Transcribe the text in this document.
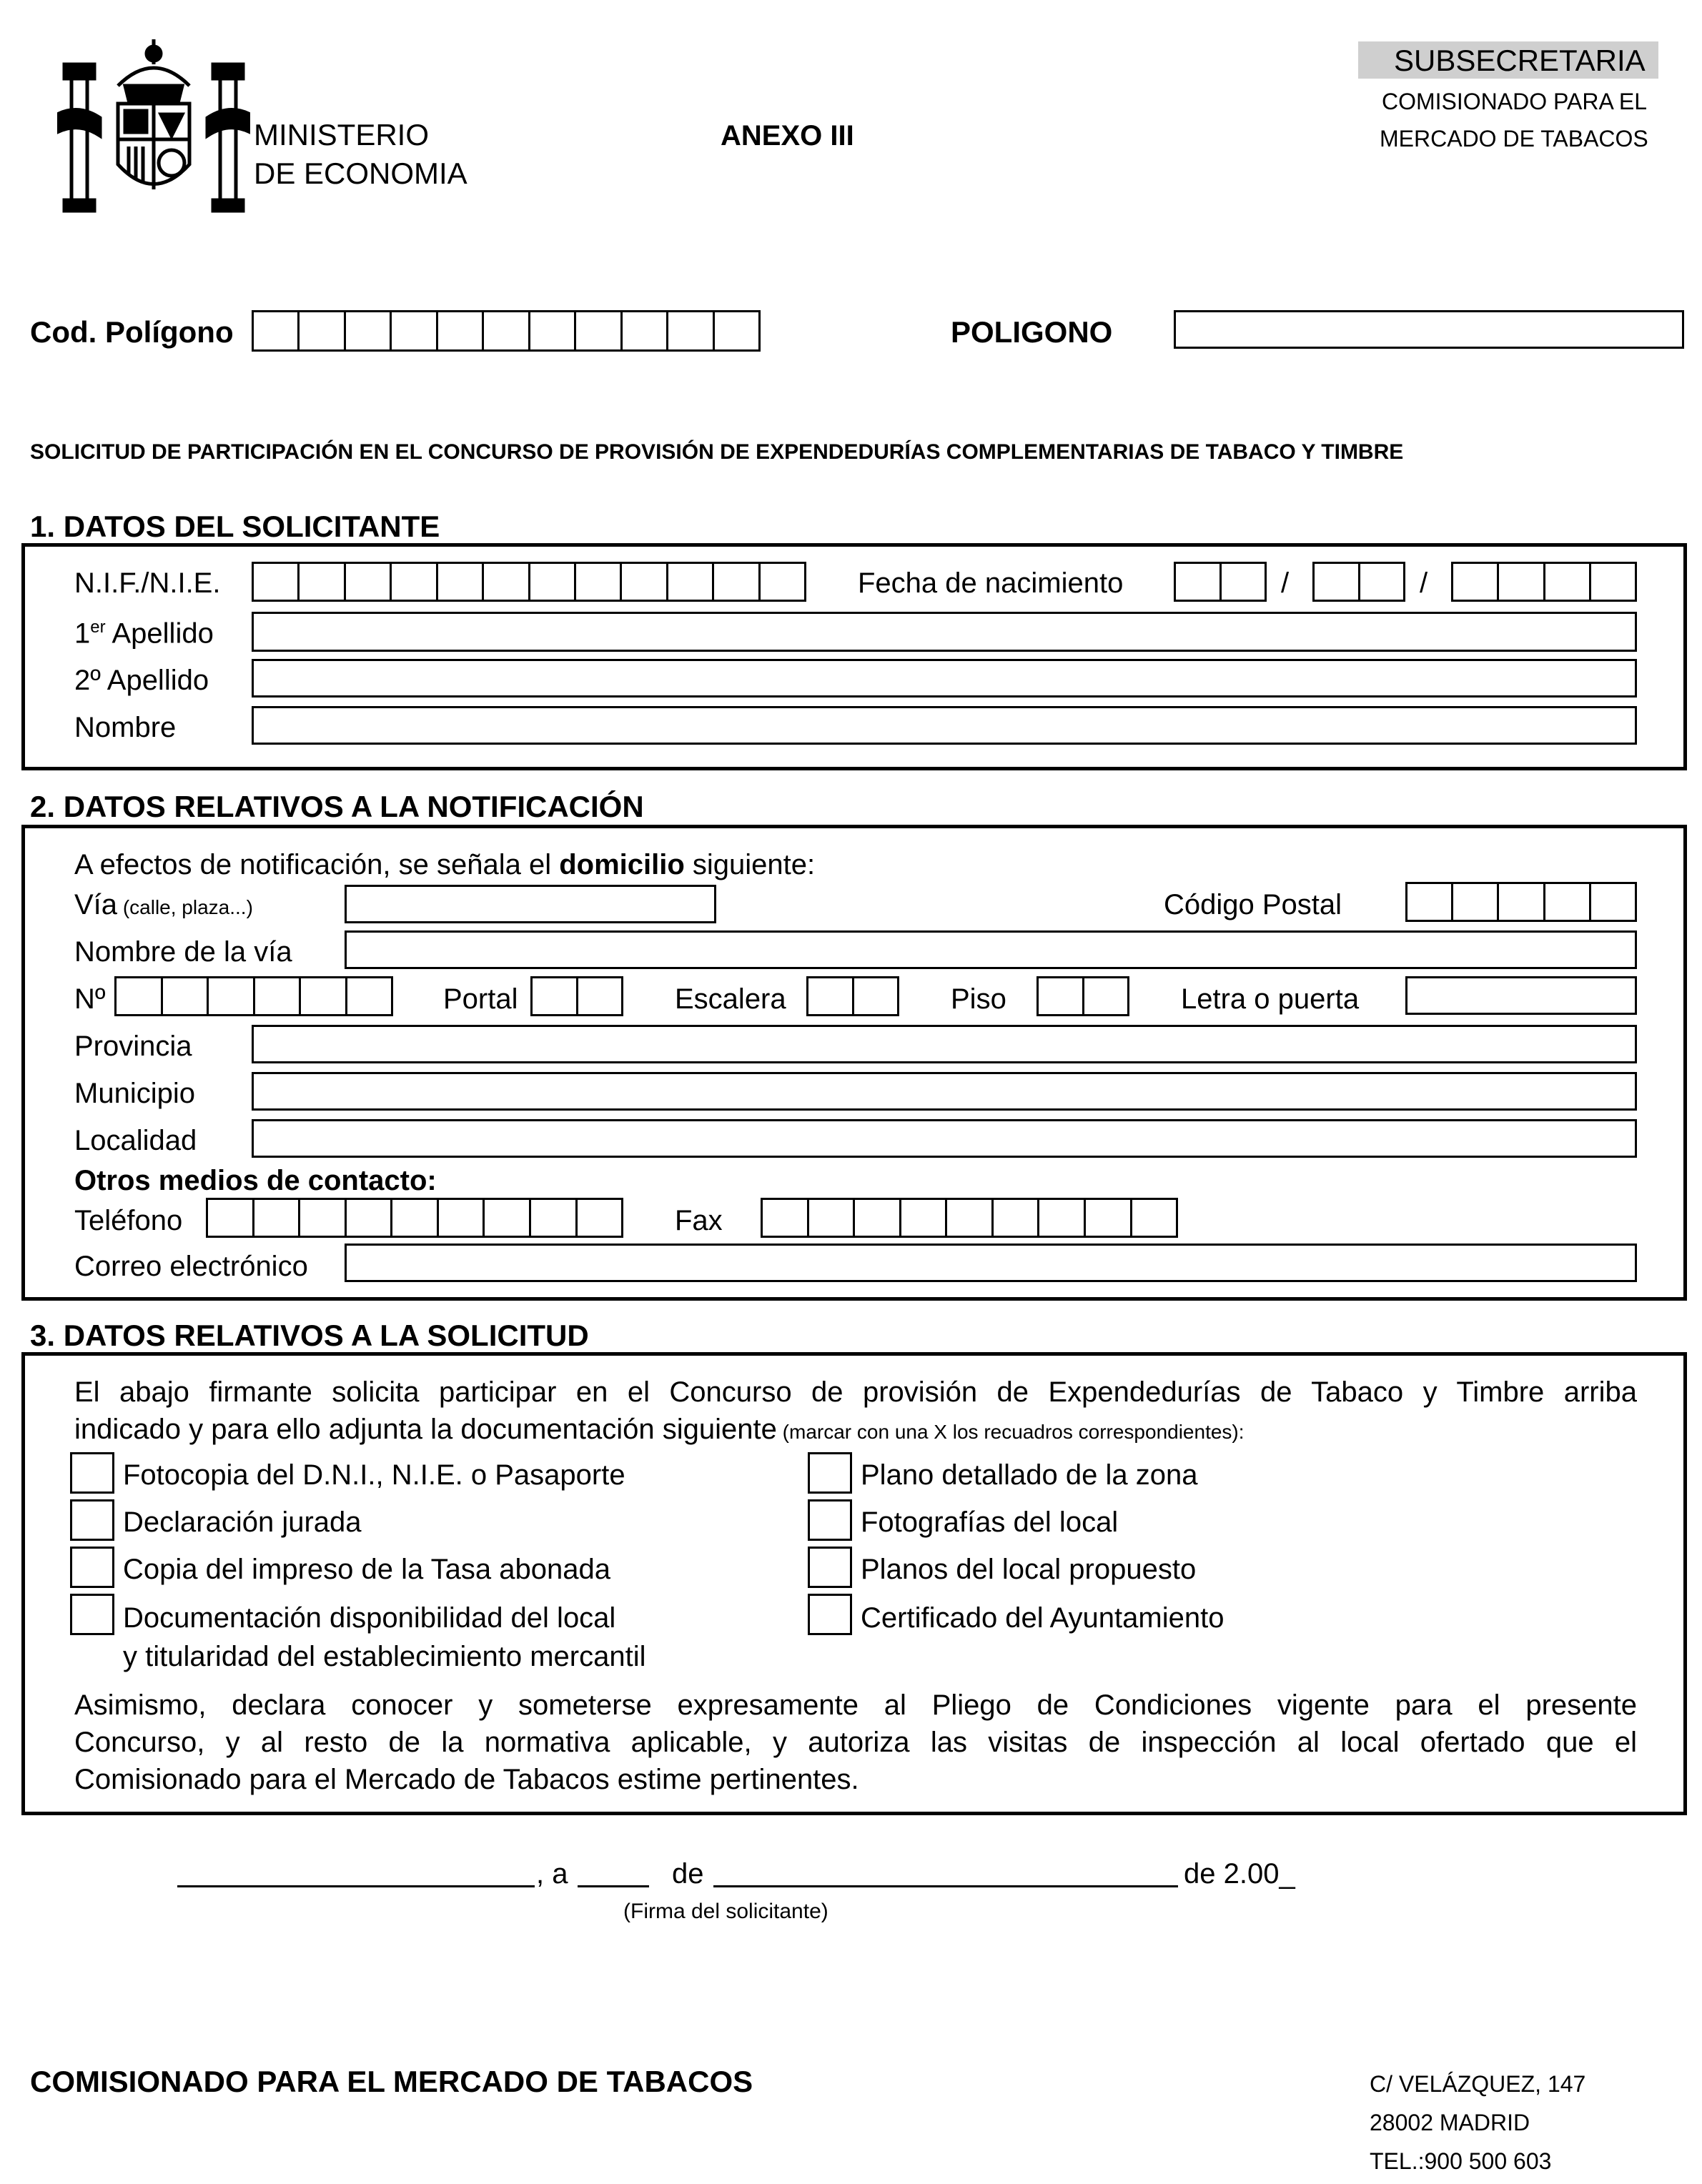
MINISTERIO
DE ECONOMIA
ANEXO III
SUBSECRETARIA
COMISIONADO PARA EL
MERCADO DE TABACOS
Cod. Polígono	POLIGONO
SOLICITUD DE PARTICIPACIÓN EN EL CONCURSO DE PROVISIÓN DE EXPENDEDURÍAS COMPLEMENTARIAS DE TABACO Y TIMBRE
1. DATOS DEL SOLICITANTE
N.I.F./N.I.E.	Fecha de nacimiento	/	/
1er Apellido
2º Apellido
Nombre
2. DATOS RELATIVOS A LA NOTIFICACIÓN
A efectos de notificación, se señala el domicilio siguiente:
Vía (calle, plaza...)	Código Postal
Nombre de la vía
Nº	Portal	Escalera	Piso	Letra o puerta
Provincia
Municipio
Localidad
Otros medios de contacto:
Teléfono	Fax
Correo electrónico
3. DATOS RELATIVOS A LA SOLICITUD
El abajo firmante solicita participar en el Concurso de provisión de Expendedurías de Tabaco y Timbre arriba
indicado y para ello adjunta la documentación siguiente (marcar con una X los recuadros correspondientes):
Fotocopia del D.N.I., N.I.E. o Pasaporte
Declaración jurada
Copia del impreso de la Tasa abonada
Documentación disponibilidad del local
y titularidad del establecimiento mercantil
Plano detallado de la zona
Fotografías del local
Planos del local propuesto
Certificado del Ayuntamiento
Asimismo, declara conocer y someterse expresamente al Pliego de Condiciones vigente para el presente
Concurso, y al resto de la normativa aplicable, y autoriza las visitas de inspección al local ofertado que el
Comisionado para el Mercado de Tabacos estime pertinentes.
, a	de	de 2.00_
(Firma del solicitante)
COMISIONADO PARA EL MERCADO DE TABACOS	C/ VELÁZQUEZ, 147
28002 MADRID
TEL.:900 500 603
